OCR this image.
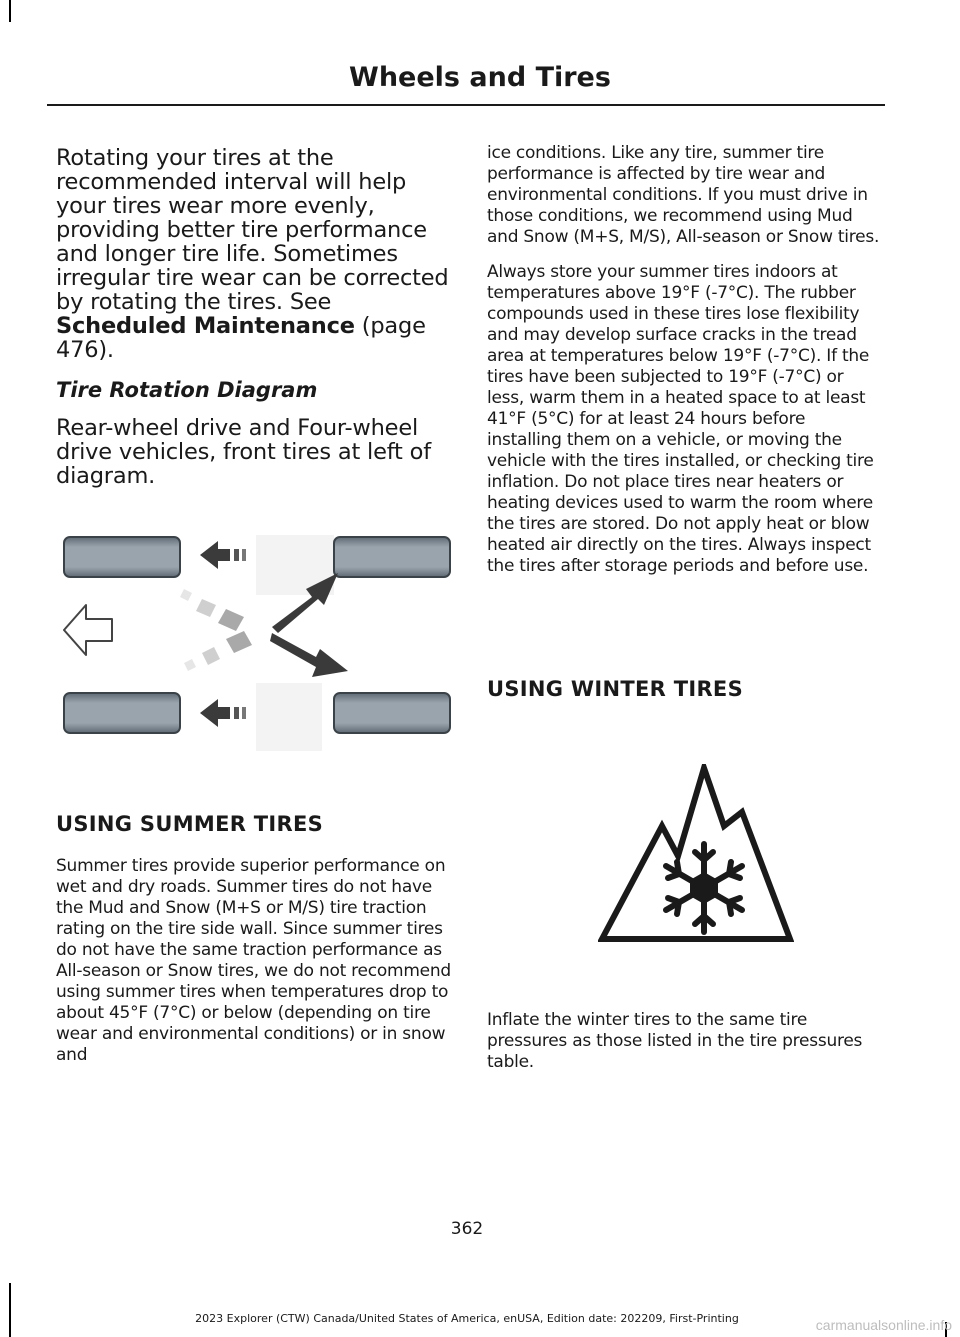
Wheels and Tires

Rotating your tires at the recommended interval will help your tires wear more evenly, providing better tire performance and longer tire life. Sometimes irregular tire wear can be corrected by rotating the tires. See Scheduled Maintenance (page 476).

Tire Rotation Diagram

Rear-wheel drive and Four-wheel drive vehicles, front tires at left of diagram.

USING SUMMER TIRES

Summer tires provide superior performance on wet and dry roads. Summer tires do not have the Mud and Snow (M+S or M/S) tire traction rating on the tire side wall. Since summer tires do not have the same traction performance as All-season or Snow tires, we do not recommend using summer tires when temperatures drop to about 45°F (7°C) or below (depending on tire wear and environmental conditions) or in snow and

ice conditions. Like any tire, summer tire performance is affected by tire wear and environmental conditions. If you must drive in those conditions, we recommend using Mud and Snow (M+S, M/S), All-season or Snow tires.

Always store your summer tires indoors at temperatures above 19°F (-7°C). The rubber compounds used in these tires lose flexibility and may develop surface cracks in the tread area at temperatures below 19°F (-7°C). If the tires have been subjected to 19°F (-7°C) or less, warm them in a heated space to at least 41°F (5°C) for at least 24 hours before installing them on a vehicle, or moving the vehicle with the tires installed, or checking tire inflation. Do not place tires near heaters or heating devices used to warm the room where the tires are stored. Do not apply heat or blow heated air directly on the tires. Always inspect the tires after storage periods and before use.

USING WINTER TIRES

Inflate the winter tires to the same tire pressures as those listed in the tire pressures table.

362
2023 Explorer (CTW) Canada/United States of America, enUSA, Edition date: 202209, First-Printing	carmanualsonline.info
